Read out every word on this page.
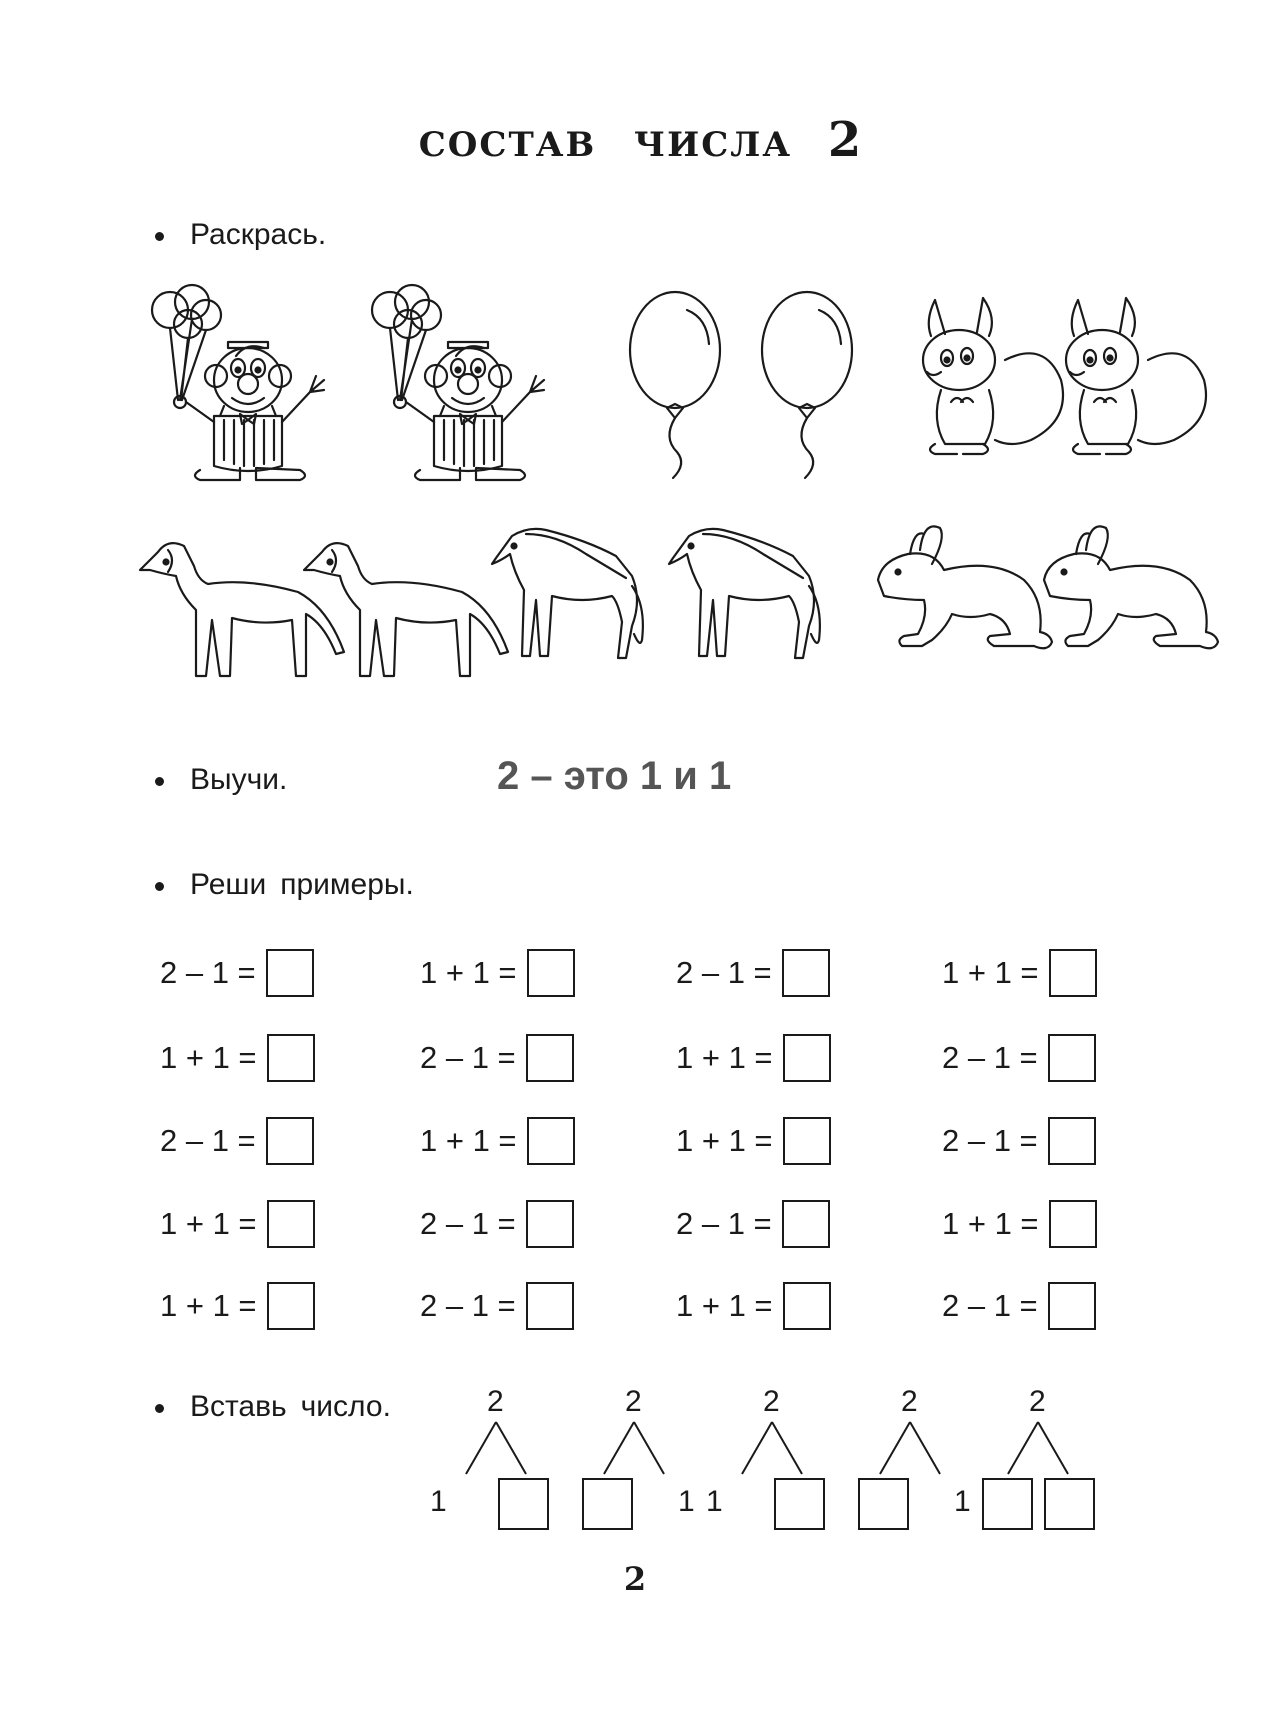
СОСТАВ ЧИСЛА 2
Раскрась.
Выучи.	2 – это 1 и 1
Реши примеры.
2 – 1 =	1 + 1 =	2 – 1 =	1 + 1 =
1 + 1 =	2 – 1 =	1 + 1 =	2 – 1 =
2 – 1 =	1 + 1 =	1 + 1 =	2 – 1 =
1 + 1 =	2 – 1 =	2 – 1 =	1 + 1 =
1 + 1 =	2 – 1 =	1 + 1 =	2 – 1 =
Вставь число.	2
1
2
1
2
1
2
1
2
2
